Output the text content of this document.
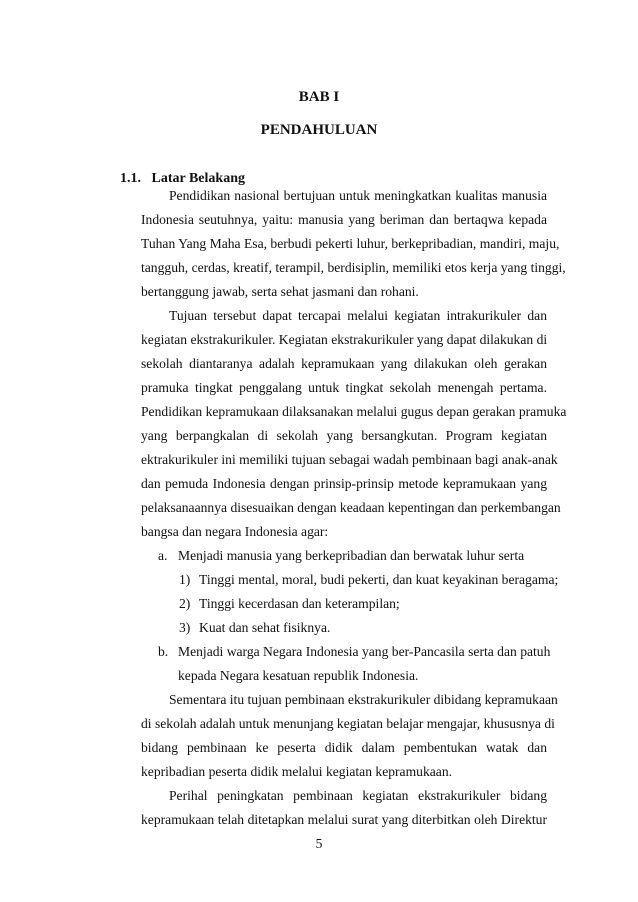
BAB I

PENDAHULUAN

1.1. Latar Belakang

Pendidikan nasional bertujuan untuk meningkatkan kualitas manusia

Indonesia seutuhnya, yaitu: manusia yang beriman dan bertaqwa kepada

Tuhan Yang Maha Esa, berbudi pekerti luhur, berkepribadian, mandiri, maju,

tangguh, cerdas, kreatif, terampil, berdisiplin, memiliki etos kerja yang tinggi,

bertanggung jawab, serta sehat jasmani dan rohani.

Tujuan tersebut dapat tercapai melalui kegiatan intrakurikuler dan

kegiatan ekstrakurikuler. Kegiatan ekstrakurikuler yang dapat dilakukan di

sekolah diantaranya adalah kepramukaan yang dilakukan oleh gerakan

pramuka tingkat penggalang untuk tingkat sekolah menengah pertama.

Pendidikan kepramukaan dilaksanakan melalui gugus depan gerakan pramuka

yang berpangkalan di sekolah yang bersangkutan. Program kegiatan

ektrakurikuler ini memiliki tujuan sebagai wadah pembinaan bagi anak-anak

dan pemuda Indonesia dengan prinsip-prinsip metode kepramukaan yang

pelaksanaannya disesuaikan dengan keadaan kepentingan dan perkembangan

bangsa dan negara Indonesia agar:

a. Menjadi manusia yang berkepribadian dan berwatak luhur serta

1) Tinggi mental, moral, budi pekerti, dan kuat keyakinan beragama;

2) Tinggi kecerdasan dan keterampilan;

3) Kuat dan sehat fisiknya.

b. Menjadi warga Negara Indonesia yang ber-Pancasila serta dan patuh

kepada Negara kesatuan republik Indonesia.

Sementara itu tujuan pembinaan ekstrakurikuler dibidang kepramukaan

di sekolah adalah untuk menunjang kegiatan belajar mengajar, khususnya di

bidang pembinaan ke peserta didik dalam pembentukan watak dan

kepribadian peserta didik melalui kegiatan kepramukaan.

Perihal peningkatan pembinaan kegiatan ekstrakurikuler bidang

kepramukaan telah ditetapkan melalui surat yang diterbitkan oleh Direktur

5
